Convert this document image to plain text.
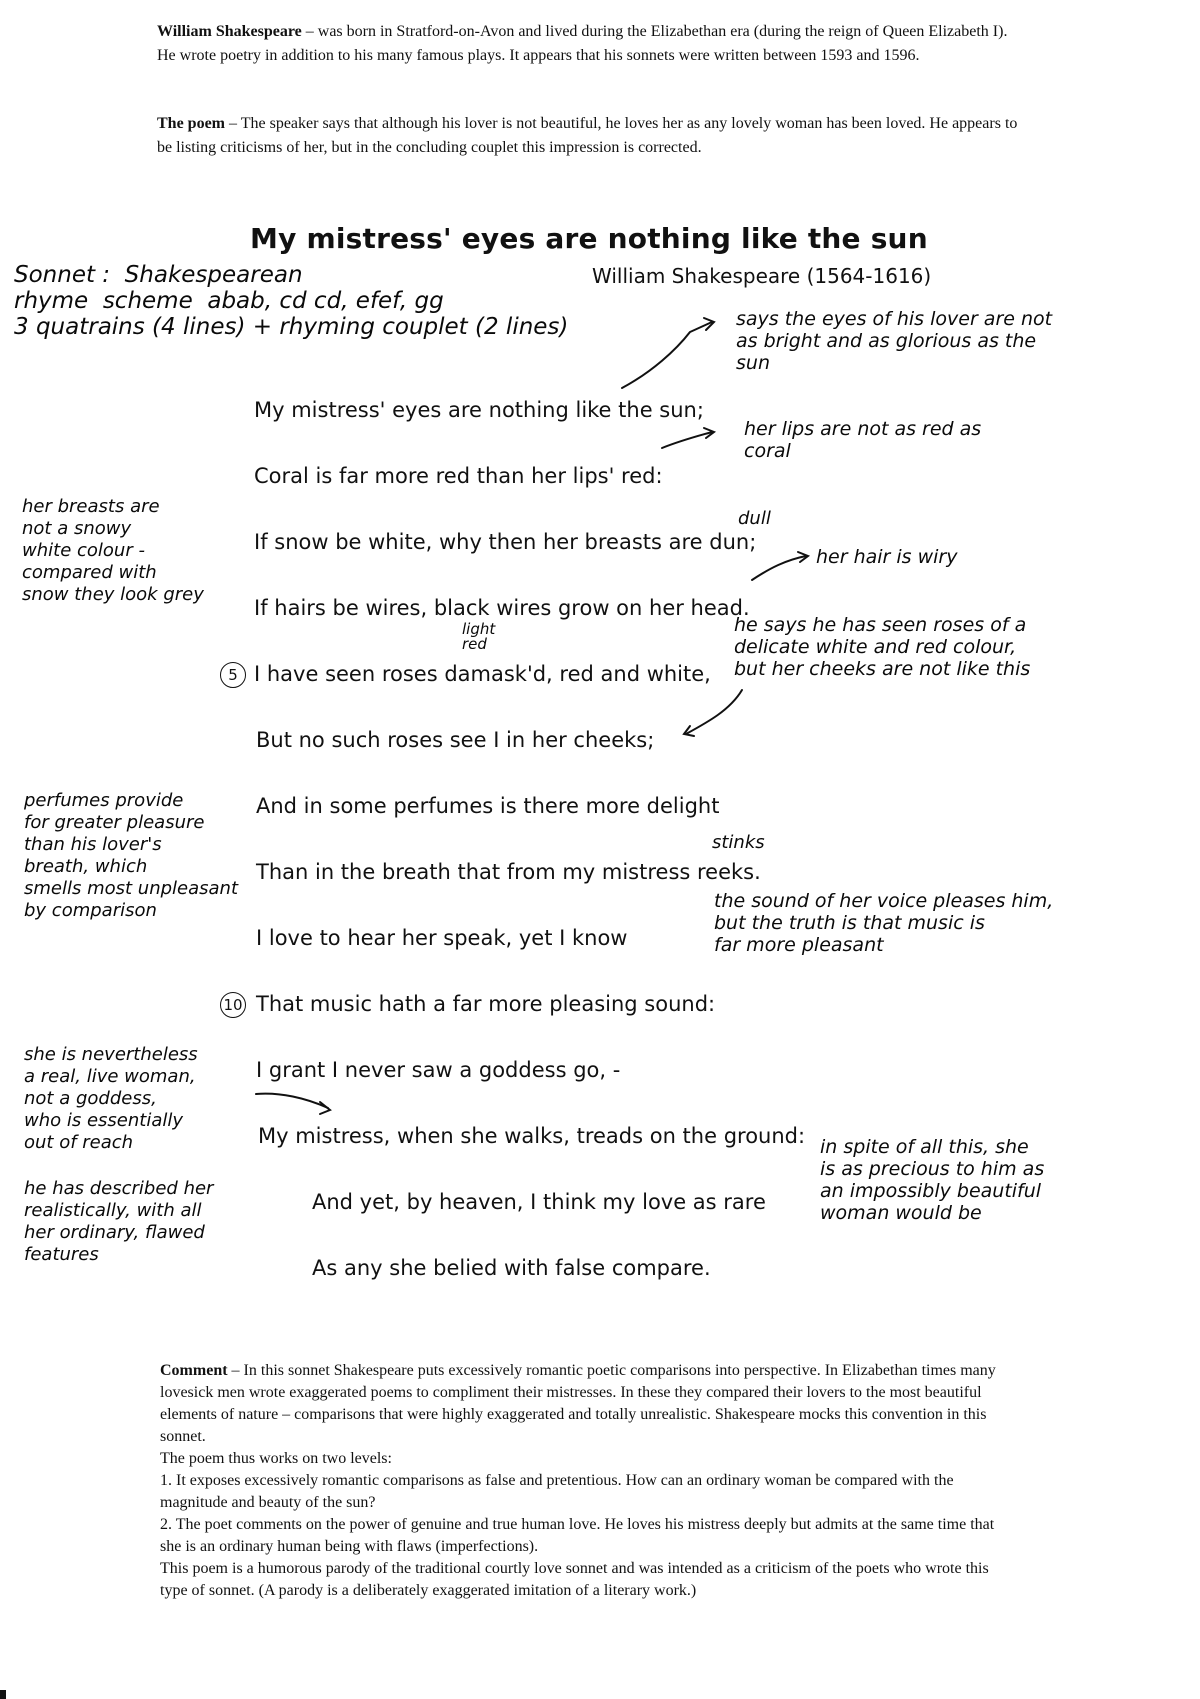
William Shakespeare – was born in Stratford-on-Avon and lived during the Elizabethan era (during the reign of Queen Elizabeth I). He wrote poetry in addition to his many famous plays. It appears that his sonnets were written between 1593 and 1596.
The poem – The speaker says that although his lover is not beautiful, he loves her as any lovely woman has been loved. He appears to be listing criticisms of her, but in the concluding couplet this impression is corrected.
My mistress' eyes are nothing like the sun
William Shakespeare (1564-1616)
Sonnet :  Shakespearean
rhyme  scheme  abab, cd cd, efef, gg
3 quatrains (4 lines) + rhyming couplet (2 lines)
My mistress' eyes are nothing like the sun;
Coral is far more red than her lips' red:
If snow be white, why then her breasts are dun;
If hairs be wires, black wires grow on her head.
5 I have seen roses damask'd, red and white,
But no such roses see I in her cheeks;
And in some perfumes is there more delight
Than in the breath that from my mistress reeks.
I love to hear her speak, yet I know
10 That music hath a far more pleasing sound:
I grant I never saw a goddess go, -
My mistress, when she walks, treads on the ground:
And yet, by heaven, I think my love as rare
As any she belied with false compare.
says the eyes of his lover are not
as bright and as glorious as the
sun
her lips are not as red as
coral
dull
her breasts are
not a snowy
white colour -
compared with
snow they look grey
her hair is wiry
light
red
he says he has seen roses of a
delicate white and red colour,
but her cheeks are not like this
perfumes provide
for greater pleasure
than his lover's
breath, which
smells most unpleasant
by comparison
stinks
the sound of her voice pleases him,
but the truth is that music is
far more pleasant
she is nevertheless
a real, live woman,
not a goddess,
who is essentially
out of reach
he has described her
realistically, with all
her ordinary, flawed
features
in spite of all this, she
is as precious to him as
an impossibly beautiful
woman would be

Comment – In this sonnet Shakespeare puts excessively romantic poetic comparisons into perspective. In Elizabethan times many lovesick men wrote exaggerated poems to compliment their mistresses. In these they compared their lovers to the most beautiful elements of nature – comparisons that were highly exaggerated and totally unrealistic. Shakespeare mocks this convention in this sonnet.

The poem thus works on two levels:

1. It exposes excessively romantic comparisons as false and pretentious. How can an ordinary woman be compared with the magnitude and beauty of the sun?

2. The poet comments on the power of genuine and true human love. He loves his mistress deeply but admits at the same time that she is an ordinary human being with flaws (imperfections).

This poem is a humorous parody of the traditional courtly love sonnet and was intended as a criticism of the poets who wrote this type of sonnet. (A parody is a deliberately exaggerated imitation of a literary work.)
